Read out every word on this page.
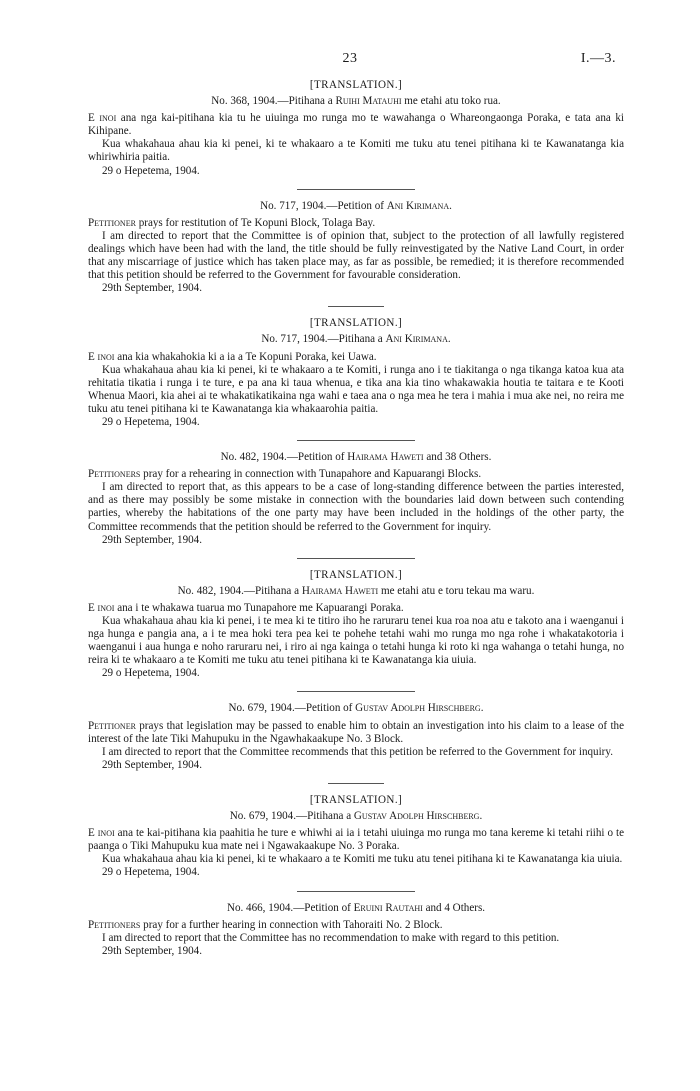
23	I.—3.
[TRANSLATION.]
No. 368, 1904.—Pitihana a Ruihi Matauhi me etahi atu toko rua.

E inoi ana nga kai-pitihana kia tu he uiuinga mo runga mo te wawahanga o Whareongaonga Poraka, e tata ana ki Kihipane.

Kua whakahaua ahau kia ki penei, ki te whakaaro a te Komiti me tuku atu tenei pitihana ki te Kawanatanga kia whiriwhiria paitia.

29 o Hepetema, 1904.

No. 717, 1904.—Petition of Ani Kirimana.

Petitioner prays for restitution of Te Kopuni Block, Tolaga Bay.

I am directed to report that the Committee is of opinion that, subject to the protection of all lawfully registered dealings which have been had with the land, the title should be fully reinvestigated by the Native Land Court, in order that any miscarriage of justice which has taken place may, as far as possible, be remedied; it is therefore recommended that this petition should be referred to the Government for favourable consideration.

29th September, 1904.

[TRANSLATION.]
No. 717, 1904.—Pitihana a Ani Kirimana.

E inoi ana kia whakahokia ki a ia a Te Kopuni Poraka, kei Uawa.

Kua whakahaua ahau kia ki penei, ki te whakaaro a te Komiti, i runga ano i te tiakitanga o nga tikanga katoa kua ata rehitatia tikatia i runga i te ture, e pa ana ki taua whenua, e tika ana kia tino whakawakia houtia te taitara e te Kooti Whenua Maori, kia ahei ai te whakatikatikaina nga wahi e taea ana o nga mea he tera i mahia i mua ake nei, no reira me tuku atu tenei pitihana ki te Kawanatanga kia whakaarohia paitia.

29 o Hepetema, 1904.

No. 482, 1904.—Petition of Hairama Haweti and 38 Others.

Petitioners pray for a rehearing in connection with Tunapahore and Kapuarangi Blocks.

I am directed to report that, as this appears to be a case of long-standing difference between the parties interested, and as there may possibly be some mistake in connection with the boundaries laid down between such contending parties, whereby the habitations of the one party may have been included in the holdings of the other party, the Committee recommends that the petition should be referred to the Government for inquiry.

29th September, 1904.

[TRANSLATION.]
No. 482, 1904.—Pitihana a Hairama Haweti me etahi atu e toru tekau ma waru.

E inoi ana i te whakawa tuarua mo Tunapahore me Kapuarangi Poraka.

Kua whakahaua ahau kia ki penei, i te mea ki te titiro iho he raruraru tenei kua roa noa atu e takoto ana i waenganui i nga hunga e pangia ana, a i te mea hoki tera pea kei te pohehe tetahi wahi mo runga mo nga rohe i whakatakotoria i waenganui i aua hunga e noho raruraru nei, i riro ai nga kainga o tetahi hunga ki roto ki nga wahanga o tetahi hunga, no reira ki te whakaaro a te Komiti me tuku atu tenei pitihana ki te Kawanatanga kia uiuia.

29 o Hepetema, 1904.

No. 679, 1904.—Petition of Gustav Adolph Hirschberg.

Petitioner prays that legislation may be passed to enable him to obtain an investigation into his claim to a lease of the interest of the late Tiki Mahupuku in the Ngawhakaakupe No. 3 Block.

I am directed to report that the Committee recommends that this petition be referred to the Government for inquiry.

29th September, 1904.

[TRANSLATION.]
No. 679, 1904.—Pitihana a Gustav Adolph Hirschberg.

E inoi ana te kai-pitihana kia paahitia he ture e whiwhi ai ia i tetahi uiuinga mo runga mo tana kereme ki tetahi riihi o te paanga o Tiki Mahupuku kua mate nei i Ngawakaakupe No. 3 Poraka.

Kua whakahaua ahau kia ki penei, ki te whakaaro a te Komiti me tuku atu tenei pitihana ki te Kawanatanga kia uiuia.

29 o Hepetema, 1904.

No. 466, 1904.—Petition of Eruini Rautahi and 4 Others.

Petitioners pray for a further hearing in connection with Tahoraiti No. 2 Block.

I am directed to report that the Committee has no recommendation to make with regard to this petition.

29th September, 1904.
